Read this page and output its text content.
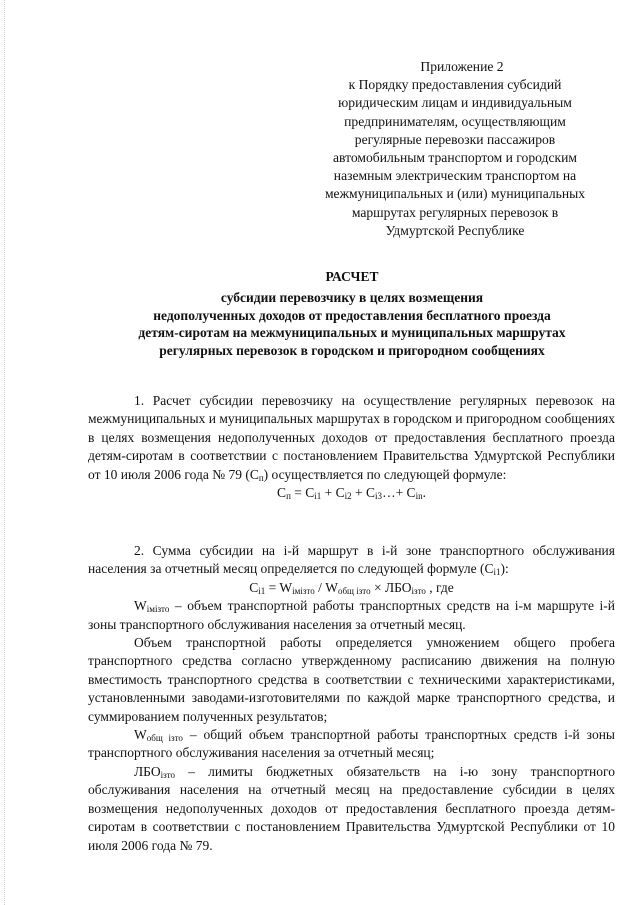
Приложение 2
к Порядку предоставления субсидий
юридическим лицам и индивидуальным
предпринимателям, осуществляющим
регулярные перевозки пассажиров
автомобильным транспортом и городским
наземным электрическим транспортом на
межмуниципальных и (или) муниципальных
маршрутах регулярных перевозок в
Удмуртской Республике
РАСЧЕТ
субсидии перевозчику в целях возмещения
недополученных доходов от предоставления бесплатного проезда
детям-сиротам на межмуниципальных и муниципальных маршрутах
регулярных перевозок в городском и пригородном сообщениях

1. Расчет субсидии перевозчику на осуществление регулярных перевозок на межмуниципальных и муниципальных маршрутах в городском и пригородном сообщениях в целях возмещения недополученных доходов от предоставления бесплатного проезда детям-сиротам в соответствии с постановлением Правительства Удмуртской Республики от 10 июля 2006 года № 79 $(C_п)$ осуществляется по следующей формуле:

$C_п = C_{i1} + C_{i2}$ + $C_{i3}\dots+ C_{in}$.

2. Сумма субсидии на i-й маршрут в i-й зоне транспортного обслуживания населения за отчетный месяц определяется по следующей формуле $(C_{i1})$:

$C_{i1} = W_{iмiзто} / W_{общ iзто} \times ЛБО_{iзто}$ , где

$W_{iмiзто}$ – объем транспортной работы транспортных средств на i-м маршруте i-й зоны транспортного обслуживания населения за отчетный месяц.

Объем транспортной работы определяется умножением общего пробега транспортного средства согласно утвержденному расписанию движения на полную вместимость транспортного средства в соответствии с техническими характеристиками, установленными заводами-изготовителями по каждой марке транспортного средства, и суммированием полученных результатов;

$W_{общ iзто}$ – общий объем транспортной работы транспортных средств i-й зоны транспортного обслуживания населения за отчетный месяц;

$ЛБО_{iзто}$ – лимиты бюджетных обязательств на i-ю зону транспортного обслуживания населения на отчетный месяц на предоставление субсидии в целях возмещения недополученных доходов от предоставления бесплатного проезда детям-сиротам в соответствии с постановлением Правительства Удмуртской Республики от 10 июля 2006 года № 79.
